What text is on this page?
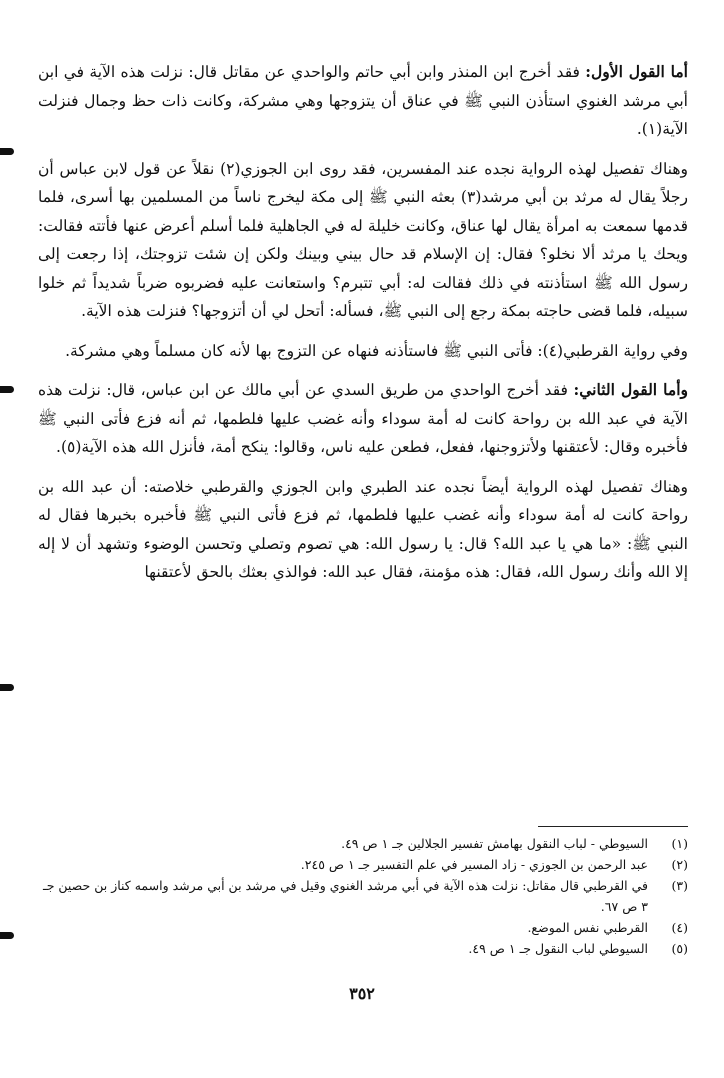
أما القول الأول: فقد أخرج ابن المنذر وابن أبي حاتم والواحدي عن مقاتل قال: نزلت هذه الآية في ابن أبي مرشد الغنوي استأذن النبي ﷺ في عناق أن يتزوجها وهي مشركة، وكانت ذات حظ وجمال فنزلت الآية(١).

وهناك تفصيل لهذه الرواية نجده عند المفسرين، فقد روى ابن الجوزي(٢) نقلاً عن قول لابن عباس أن رجلاً يقال له مرثد بن أبي مرشد(٣) بعثه النبي ﷺ إلى مكة ليخرج ناساً من المسلمين بها أسرى، فلما قدمها سمعت به امرأة يقال لها عناق، وكانت خليلة له في الجاهلية فلما أسلم أعرض عنها فأتته فقالت: ويحك يا مرثد ألا نخلو؟ فقال: إن الإسلام قد حال بيني وبينك ولكن إن شئت تزوجتك، إذا رجعت إلى رسول الله ﷺ استأذنته في ذلك فقالت له: أبي تتبرم؟ واستعانت عليه فضربوه ضرباً شديداً ثم خلوا سبيله، فلما قضى حاجته بمكة رجع إلى النبي ﷺ، فسأله: أتحل لي أن أتزوجها؟ فنزلت هذه الآية.

وفي رواية القرطبي(٤): فأتى النبي ﷺ فاستأذنه فنهاه عن التزوج بها لأنه كان مسلماً وهي مشركة.

وأما القول الثاني: فقد أخرج الواحدي من طريق السدي عن أبي مالك عن ابن عباس، قال: نزلت هذه الآية في عبد الله بن رواحة كانت له أمة سوداء وأنه غضب عليها فلطمها، ثم أنه فزع فأتى النبي ﷺ فأخبره وقال: لأعتقنها ولأتزوجنها، ففعل، فطعن عليه ناس، وقالوا: ينكح أمة، فأنزل الله هذه الآية(٥).

وهناك تفصيل لهذه الرواية أيضاً نجده عند الطبري وابن الجوزي والقرطبي خلاصته: أن عبد الله بن رواحة كانت له أمة سوداء وأنه غضب عليها فلطمها، ثم فزع فأتى النبي ﷺ فأخبره بخبرها فقال له النبي ﷺ: «ما هي يا عبد الله؟ قال: يا رسول الله: هي تصوم وتصلي وتحسن الوضوء وتشهد أن لا إله إلا الله وأنك رسول الله، فقال: هذه مؤمنة، فقال عبد الله: فوالذي بعثك بالحق لأعتقنها

(١)
السيوطي - لباب النقول بهامش تفسير الجلالين جـ ١ ص ٤٩.
(٢)
عبد الرحمن بن الجوزي - زاد المسير في علم التفسير جـ ١ ص ٢٤٥.
(٣)
في القرطبي قال مقاتل: نزلت هذه الآية في أبي مرشد الغنوي وقيل في مرشد بن أبي مرشد واسمه كناز بن حصين جـ ٣ ص ٦٧.
(٤)
القرطبي نفس الموضع.
(٥)
السيوطي لباب النقول جـ ١ ص ٤٩.
٣٥٢
